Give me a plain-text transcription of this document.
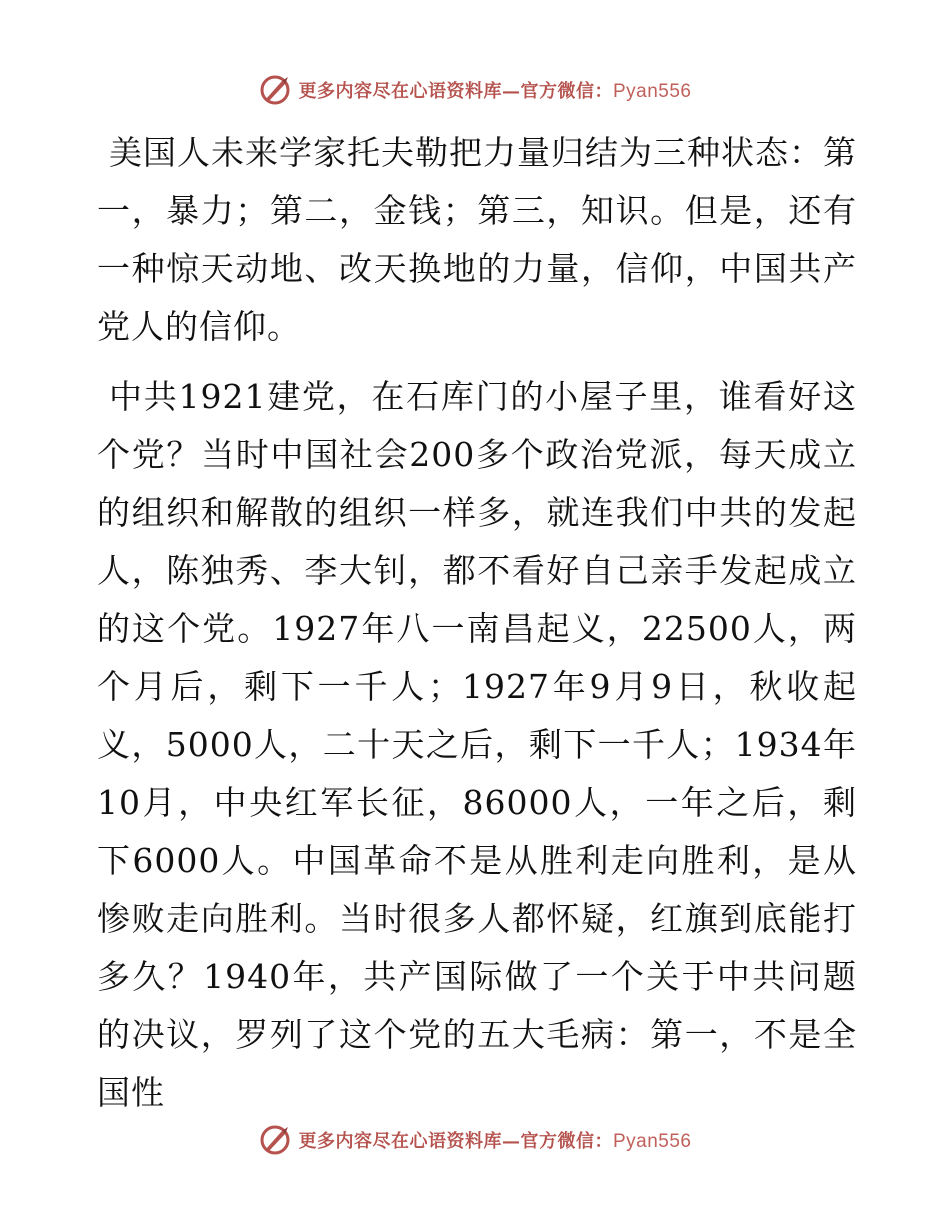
更多内容尽在心语资料库—官方微信：Pyan556

美国人未来学家托夫勒把力量归结为三种状态：第一，暴力；第二，金钱；第三，知识。但是，还有一种惊天动地、改天换地的力量，信仰，中国共产党人的信仰。

中共1921建党，在石库门的小屋子里，谁看好这个党？当时中国社会200多个政治党派，每天成立的组织和解散的组织一样多，就连我们中共的发起人，陈独秀、李大钊，都不看好自己亲手发起成立的这个党。1927年八一南昌起义，22500人，两个月后，剩下一千人；1927年9月9日，秋收起义，5000人，二十天之后，剩下一千人；1934年10月，中央红军长征，86000人，一年之后，剩下6000人。中国革命不是从胜利走向胜利，是从惨败走向胜利。当时很多人都怀疑，红旗到底能打多久？1940年，共产国际做了一个关于中共问题的决议，罗列了这个党的五大毛病：第一，不是全国性

更多内容尽在心语资料库—官方微信：Pyan556
